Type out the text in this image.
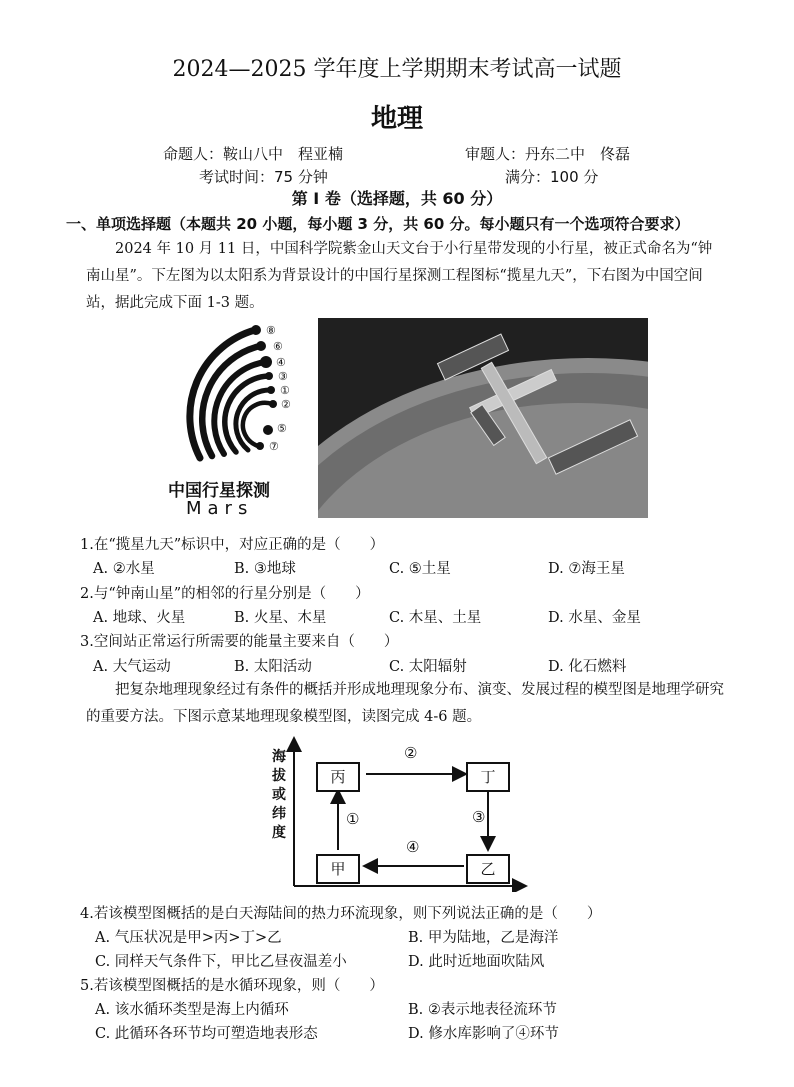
2024—2025 学年度上学期期末考试高一试题
地理
命题人：鞍山八中　程亚楠	审题人：丹东二中　佟磊
考试时间：75 分钟	满分：100 分
第 Ⅰ 卷（选择题，共 60 分）
一、单项选择题（本题共 20 小题，每小题 3 分，共 60 分。每小题只有一个选项符合要求）
2024 年 10 月 11 日，中国科学院紫金山天文台于小行星带发现的小行星，被正式命名为“钟南山星”。下左图为以太阳系为背景设计的中国行星探测工程图标“揽星九天”，下右图为中国空间站，据此完成下面 1-3 题。
⑧
⑥
④
③
①
②
⑤
⑦
中国行星探测
Mars
1.在“揽星九天”标识中，对应正确的是（　　）
A. ②水星	B. ③地球	C. ⑤土星	D. ⑦海王星
2.与“钟南山星”的相邻的行星分别是（　　）
A. 地球、火星	B. 火星、木星	C. 木星、土星	D. 水星、金星
3.空间站正常运行所需要的能量主要来自（　　）
A. 大气运动	B. 太阳活动	C. 太阳辐射	D. 化石燃料
把复杂地理现象经过有条件的概括并形成地理现象分布、演变、发展过程的模型图是地理学研究的重要方法。下图示意某地理现象模型图，读图完成 4-6 题。
海拔或纬度
丙	丁
甲	乙
②
③
④
①
4.若该模型图概括的是白天海陆间的热力环流现象，则下列说法正确的是（　　）
A. 气压状况是甲>丙>丁>乙	B. 甲为陆地，乙是海洋
C. 同样天气条件下，甲比乙昼夜温差小	D. 此时近地面吹陆风
5.若该模型图概括的是水循环现象，则（　　）
A. 该水循环类型是海上内循环	B. ②表示地表径流环节
C. 此循环各环节均可塑造地表形态	D. 修水库影响了④环节
